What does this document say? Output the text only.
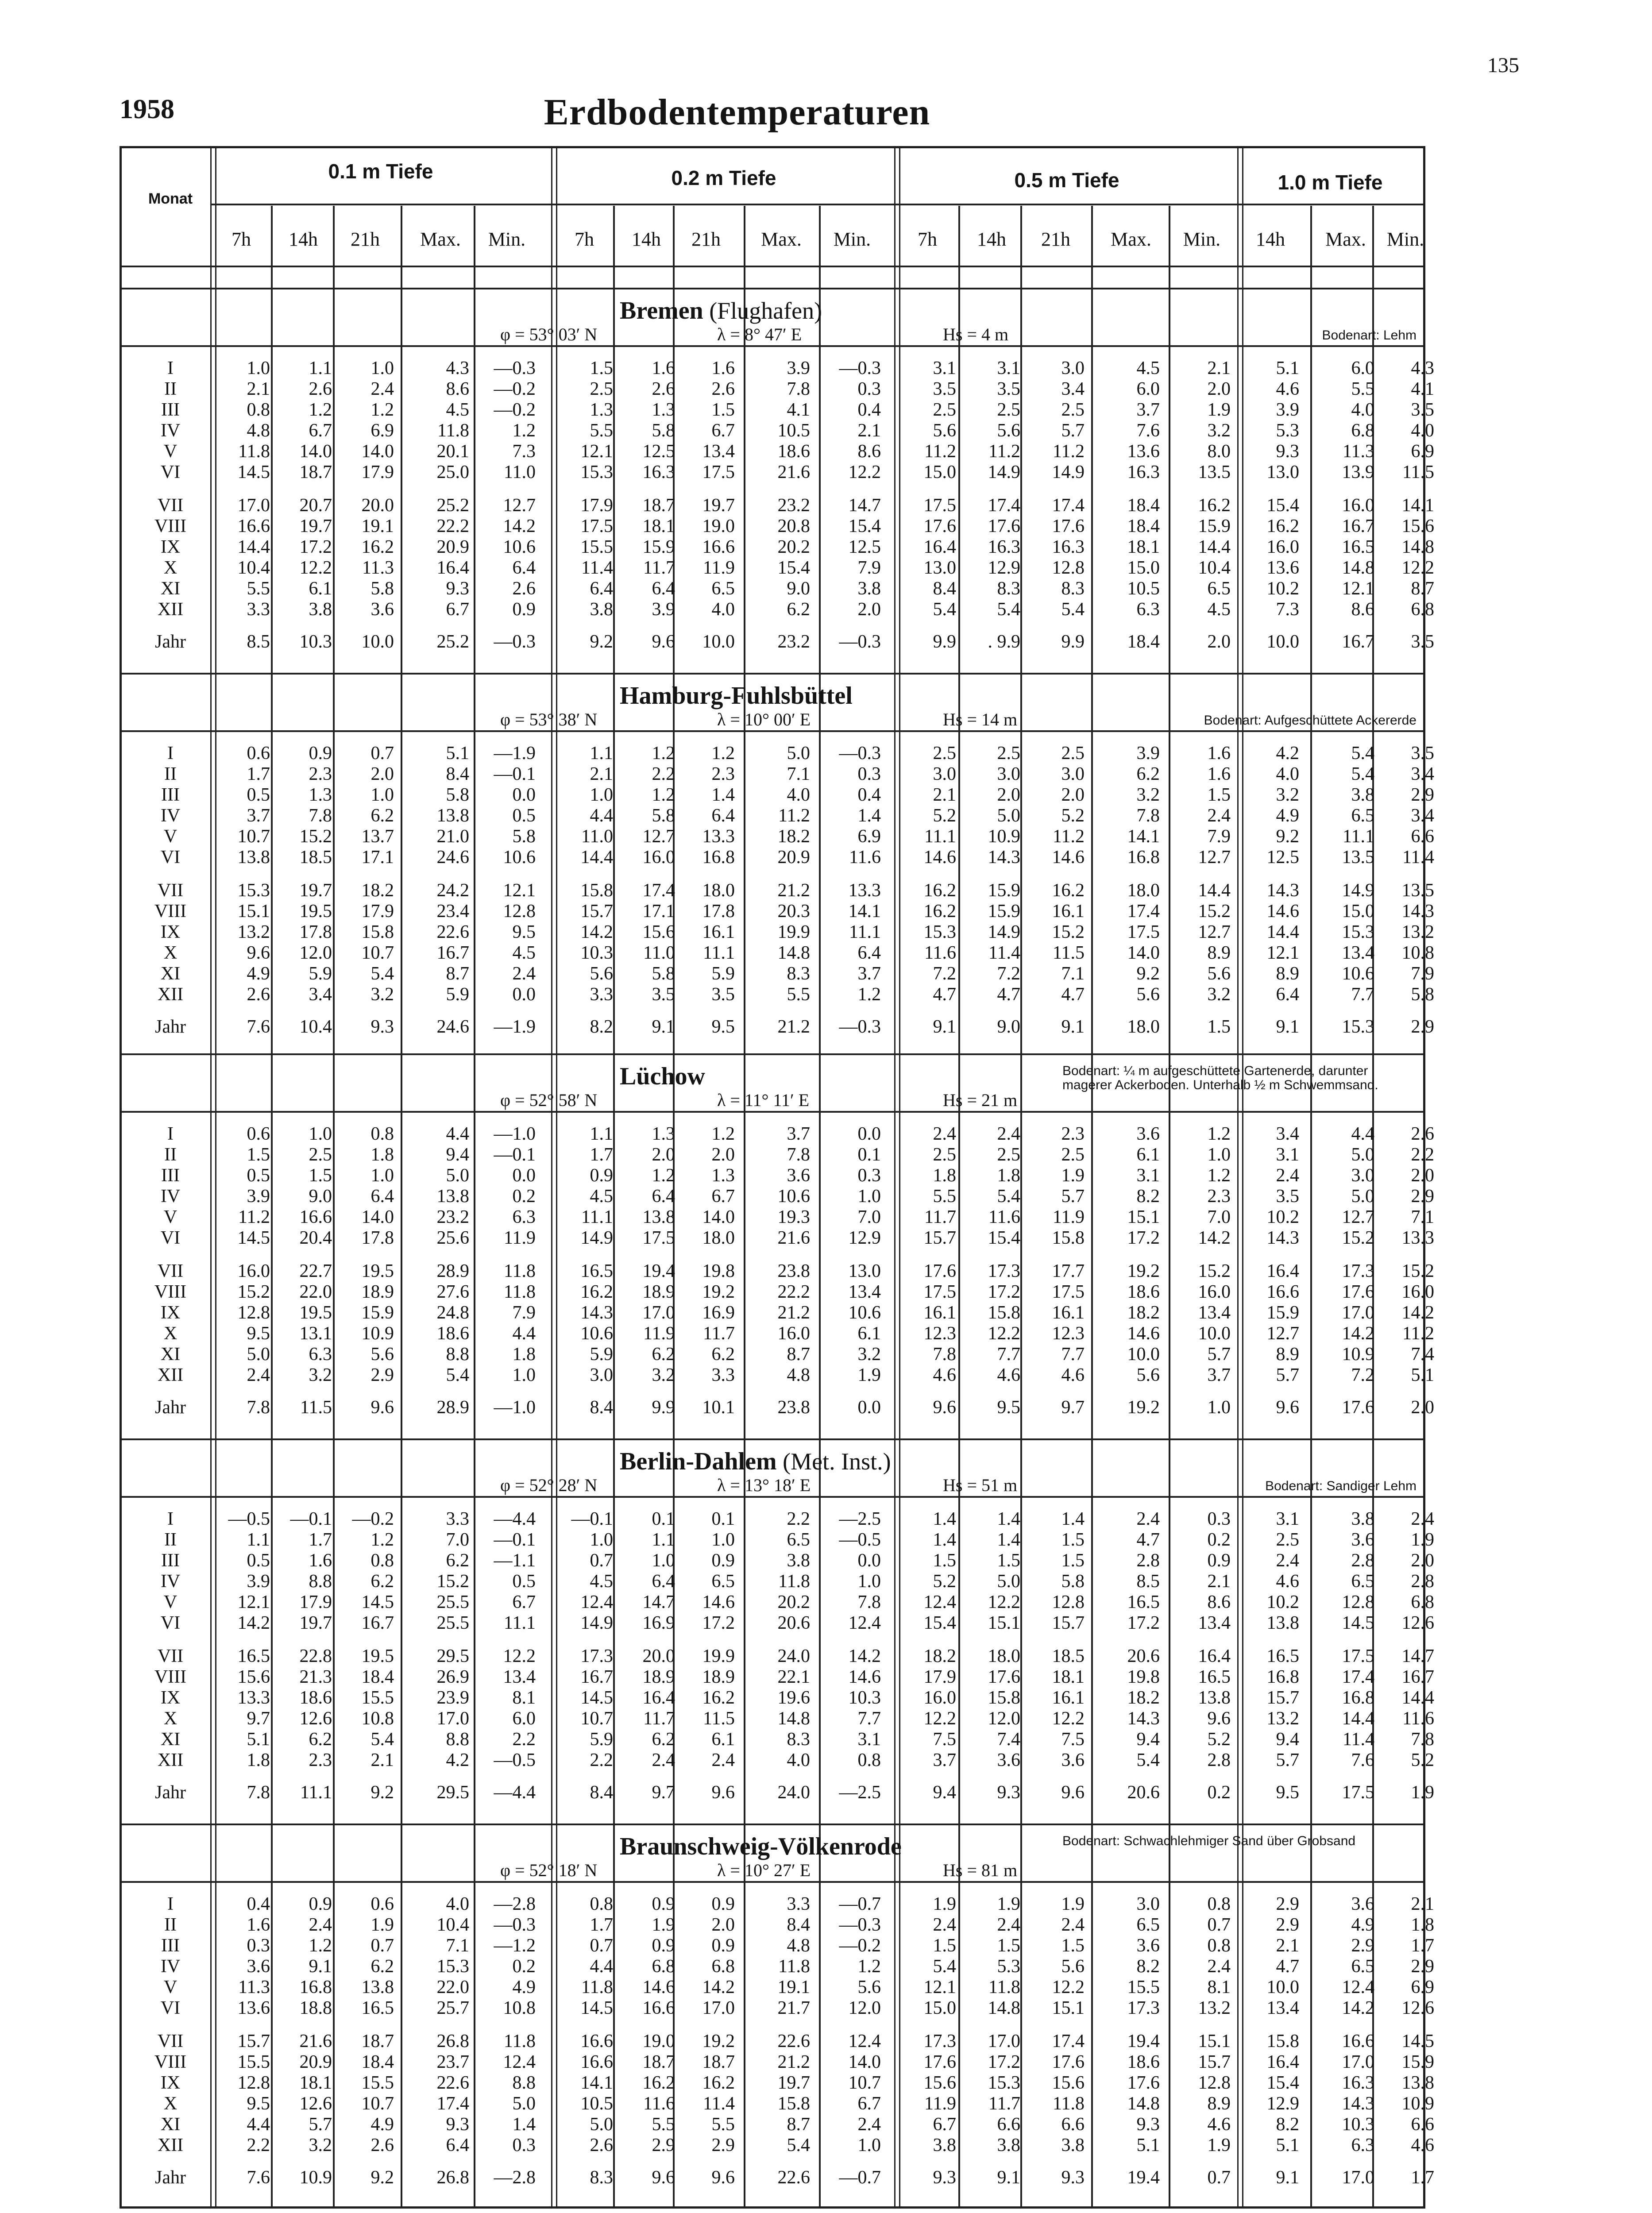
1958	Erdbodentemperaturen
135
Monat
0.1 m Tiefe	0.2 m Tiefe	0.5 m Tiefe	1.0 m Tiefe
7h	14h	21h	Max.	Min.	7h	14h	21h	Max.	Min.	7h	14h	21h	Max.	Min.	14h	Max.	Min.
Bremen (Flughafen)
φ = 53° 03′ N	λ = 8° 47′ E	Hs = 4 m	Bodenart: Lehm
I	1.0	1.1	1.0	4.3	—0.3	1.5	1.6	1.6	3.9	—0.3	3.1	3.1	3.0	4.5	2.1	5.1	6.0	4.3
II	2.1	2.6	2.4	8.6	—0.2	2.5	2.6	2.6	7.8	0.3	3.5	3.5	3.4	6.0	2.0	4.6	5.5	4.1
III	0.8	1.2	1.2	4.5	—0.2	1.3	1.3	1.5	4.1	0.4	2.5	2.5	2.5	3.7	1.9	3.9	4.0	3.5
IV	4.8	6.7	6.9	11.8	1.2	5.5	5.8	6.7	10.5	2.1	5.6	5.6	5.7	7.6	3.2	5.3	6.8	4.0
V	11.8	14.0	14.0	20.1	7.3	12.1	12.5	13.4	18.6	8.6	11.2	11.2	11.2	13.6	8.0	9.3	11.3	6.9
VI	14.5	18.7	17.9	25.0	11.0	15.3	16.3	17.5	21.6	12.2	15.0	14.9	14.9	16.3	13.5	13.0	13.9	11.5
VII	17.0	20.7	20.0	25.2	12.7	17.9	18.7	19.7	23.2	14.7	17.5	17.4	17.4	18.4	16.2	15.4	16.0	14.1
VIII	16.6	19.7	19.1	22.2	14.2	17.5	18.1	19.0	20.8	15.4	17.6	17.6	17.6	18.4	15.9	16.2	16.7	15.6
IX	14.4	17.2	16.2	20.9	10.6	15.5	15.9	16.6	20.2	12.5	16.4	16.3	16.3	18.1	14.4	16.0	16.5	14.8
X	10.4	12.2	11.3	16.4	6.4	11.4	11.7	11.9	15.4	7.9	13.0	12.9	12.8	15.0	10.4	13.6	14.8	12.2
XI	5.5	6.1	5.8	9.3	2.6	6.4	6.4	6.5	9.0	3.8	8.4	8.3	8.3	10.5	6.5	10.2	12.1	8.7
XII	3.3	3.8	3.6	6.7	0.9	3.8	3.9	4.0	6.2	2.0	5.4	5.4	5.4	6.3	4.5	7.3	8.6	6.8
Jahr	8.5	10.3	10.0	25.2	—0.3	9.2	9.6	10.0	23.2	—0.3	9.9	. 9.9	9.9	18.4	2.0	10.0	16.7	3.5
Hamburg-Fuhlsbüttel
φ = 53° 38′ N	λ = 10° 00′ E	Hs = 14 m	Bodenart: Aufgeschüttete Ackererde
I	0.6	0.9	0.7	5.1	—1.9	1.1	1.2	1.2	5.0	—0.3	2.5	2.5	2.5	3.9	1.6	4.2	5.4	3.5
II	1.7	2.3	2.0	8.4	—0.1	2.1	2.2	2.3	7.1	0.3	3.0	3.0	3.0	6.2	1.6	4.0	5.4	3.4
III	0.5	1.3	1.0	5.8	0.0	1.0	1.2	1.4	4.0	0.4	2.1	2.0	2.0	3.2	1.5	3.2	3.8	2.9
IV	3.7	7.8	6.2	13.8	0.5	4.4	5.8	6.4	11.2	1.4	5.2	5.0	5.2	7.8	2.4	4.9	6.5	3.4
V	10.7	15.2	13.7	21.0	5.8	11.0	12.7	13.3	18.2	6.9	11.1	10.9	11.2	14.1	7.9	9.2	11.1	6.6
VI	13.8	18.5	17.1	24.6	10.6	14.4	16.0	16.8	20.9	11.6	14.6	14.3	14.6	16.8	12.7	12.5	13.5	11.4
VII	15.3	19.7	18.2	24.2	12.1	15.8	17.4	18.0	21.2	13.3	16.2	15.9	16.2	18.0	14.4	14.3	14.9	13.5
VIII	15.1	19.5	17.9	23.4	12.8	15.7	17.1	17.8	20.3	14.1	16.2	15.9	16.1	17.4	15.2	14.6	15.0	14.3
IX	13.2	17.8	15.8	22.6	9.5	14.2	15.6	16.1	19.9	11.1	15.3	14.9	15.2	17.5	12.7	14.4	15.3	13.2
X	9.6	12.0	10.7	16.7	4.5	10.3	11.0	11.1	14.8	6.4	11.6	11.4	11.5	14.0	8.9	12.1	13.4	10.8
XI	4.9	5.9	5.4	8.7	2.4	5.6	5.8	5.9	8.3	3.7	7.2	7.2	7.1	9.2	5.6	8.9	10.6	7.9
XII	2.6	3.4	3.2	5.9	0.0	3.3	3.5	3.5	5.5	1.2	4.7	4.7	4.7	5.6	3.2	6.4	7.7	5.8
Jahr	7.6	10.4	9.3	24.6	—1.9	8.2	9.1	9.5	21.2	—0.3	9.1	9.0	9.1	18.0	1.5	9.1	15.3	2.9
Lüchow
φ = 52° 58′ N	λ = 11° 11′ E	Hs = 21 m
Bodenart: ¼ m aufgeschüttete Gartenerde, darunter magerer Ackerboden. Unterhalb ½ m Schwemmsand.
I	0.6	1.0	0.8	4.4	—1.0	1.1	1.3	1.2	3.7	0.0	2.4	2.4	2.3	3.6	1.2	3.4	4.4	2.6
II	1.5	2.5	1.8	9.4	—0.1	1.7	2.0	2.0	7.8	0.1	2.5	2.5	2.5	6.1	1.0	3.1	5.0	2.2
III	0.5	1.5	1.0	5.0	0.0	0.9	1.2	1.3	3.6	0.3	1.8	1.8	1.9	3.1	1.2	2.4	3.0	2.0
IV	3.9	9.0	6.4	13.8	0.2	4.5	6.4	6.7	10.6	1.0	5.5	5.4	5.7	8.2	2.3	3.5	5.0	2.9
V	11.2	16.6	14.0	23.2	6.3	11.1	13.8	14.0	19.3	7.0	11.7	11.6	11.9	15.1	7.0	10.2	12.7	7.1
VI	14.5	20.4	17.8	25.6	11.9	14.9	17.5	18.0	21.6	12.9	15.7	15.4	15.8	17.2	14.2	14.3	15.2	13.3
VII	16.0	22.7	19.5	28.9	11.8	16.5	19.4	19.8	23.8	13.0	17.6	17.3	17.7	19.2	15.2	16.4	17.3	15.2
VIII	15.2	22.0	18.9	27.6	11.8	16.2	18.9	19.2	22.2	13.4	17.5	17.2	17.5	18.6	16.0	16.6	17.6	16.0
IX	12.8	19.5	15.9	24.8	7.9	14.3	17.0	16.9	21.2	10.6	16.1	15.8	16.1	18.2	13.4	15.9	17.0	14.2
X	9.5	13.1	10.9	18.6	4.4	10.6	11.9	11.7	16.0	6.1	12.3	12.2	12.3	14.6	10.0	12.7	14.2	11.2
XI	5.0	6.3	5.6	8.8	1.8	5.9	6.2	6.2	8.7	3.2	7.8	7.7	7.7	10.0	5.7	8.9	10.9	7.4
XII	2.4	3.2	2.9	5.4	1.0	3.0	3.2	3.3	4.8	1.9	4.6	4.6	4.6	5.6	3.7	5.7	7.2	5.1
Jahr	7.8	11.5	9.6	28.9	—1.0	8.4	9.9	10.1	23.8	0.0	9.6	9.5	9.7	19.2	1.0	9.6	17.6	2.0
Berlin-Dahlem (Met. Inst.)
φ = 52° 28′ N	λ = 13° 18′ E	Hs = 51 m	Bodenart: Sandiger Lehm
I	—0.5	—0.1	—0.2	3.3	—4.4	—0.1	0.1	0.1	2.2	—2.5	1.4	1.4	1.4	2.4	0.3	3.1	3.8	2.4
II	1.1	1.7	1.2	7.0	—0.1	1.0	1.1	1.0	6.5	—0.5	1.4	1.4	1.5	4.7	0.2	2.5	3.6	1.9
III	0.5	1.6	0.8	6.2	—1.1	0.7	1.0	0.9	3.8	0.0	1.5	1.5	1.5	2.8	0.9	2.4	2.8	2.0
IV	3.9	8.8	6.2	15.2	0.5	4.5	6.4	6.5	11.8	1.0	5.2	5.0	5.8	8.5	2.1	4.6	6.5	2.8
V	12.1	17.9	14.5	25.5	6.7	12.4	14.7	14.6	20.2	7.8	12.4	12.2	12.8	16.5	8.6	10.2	12.8	6.8
VI	14.2	19.7	16.7	25.5	11.1	14.9	16.9	17.2	20.6	12.4	15.4	15.1	15.7	17.2	13.4	13.8	14.5	12.6
VII	16.5	22.8	19.5	29.5	12.2	17.3	20.0	19.9	24.0	14.2	18.2	18.0	18.5	20.6	16.4	16.5	17.5	14.7
VIII	15.6	21.3	18.4	26.9	13.4	16.7	18.9	18.9	22.1	14.6	17.9	17.6	18.1	19.8	16.5	16.8	17.4	16.7
IX	13.3	18.6	15.5	23.9	8.1	14.5	16.4	16.2	19.6	10.3	16.0	15.8	16.1	18.2	13.8	15.7	16.8	14.4
X	9.7	12.6	10.8	17.0	6.0	10.7	11.7	11.5	14.8	7.7	12.2	12.0	12.2	14.3	9.6	13.2	14.4	11.6
XI	5.1	6.2	5.4	8.8	2.2	5.9	6.2	6.1	8.3	3.1	7.5	7.4	7.5	9.4	5.2	9.4	11.4	7.8
XII	1.8	2.3	2.1	4.2	—0.5	2.2	2.4	2.4	4.0	0.8	3.7	3.6	3.6	5.4	2.8	5.7	7.6	5.2
Jahr	7.8	11.1	9.2	29.5	—4.4	8.4	9.7	9.6	24.0	—2.5	9.4	9.3	9.6	20.6	0.2	9.5	17.5	1.9
Braunschweig-Völkenrode
φ = 52° 18′ N	λ = 10° 27′ E	Hs = 81 m
Bodenart: Schwachlehmiger Sand über Grobsand
I	0.4	0.9	0.6	4.0	—2.8	0.8	0.9	0.9	3.3	—0.7	1.9	1.9	1.9	3.0	0.8	2.9	3.6	2.1
II	1.6	2.4	1.9	10.4	—0.3	1.7	1.9	2.0	8.4	—0.3	2.4	2.4	2.4	6.5	0.7	2.9	4.9	1.8
III	0.3	1.2	0.7	7.1	—1.2	0.7	0.9	0.9	4.8	—0.2	1.5	1.5	1.5	3.6	0.8	2.1	2.9	1.7
IV	3.6	9.1	6.2	15.3	0.2	4.4	6.8	6.8	11.8	1.2	5.4	5.3	5.6	8.2	2.4	4.7	6.5	2.9
V	11.3	16.8	13.8	22.0	4.9	11.8	14.6	14.2	19.1	5.6	12.1	11.8	12.2	15.5	8.1	10.0	12.4	6.9
VI	13.6	18.8	16.5	25.7	10.8	14.5	16.6	17.0	21.7	12.0	15.0	14.8	15.1	17.3	13.2	13.4	14.2	12.6
VII	15.7	21.6	18.7	26.8	11.8	16.6	19.0	19.2	22.6	12.4	17.3	17.0	17.4	19.4	15.1	15.8	16.6	14.5
VIII	15.5	20.9	18.4	23.7	12.4	16.6	18.7	18.7	21.2	14.0	17.6	17.2	17.6	18.6	15.7	16.4	17.0	15.9
IX	12.8	18.1	15.5	22.6	8.8	14.1	16.2	16.2	19.7	10.7	15.6	15.3	15.6	17.6	12.8	15.4	16.3	13.8
X	9.5	12.6	10.7	17.4	5.0	10.5	11.6	11.4	15.8	6.7	11.9	11.7	11.8	14.8	8.9	12.9	14.3	10.9
XI	4.4	5.7	4.9	9.3	1.4	5.0	5.5	5.5	8.7	2.4	6.7	6.6	6.6	9.3	4.6	8.2	10.3	6.6
XII	2.2	3.2	2.6	6.4	0.3	2.6	2.9	2.9	5.4	1.0	3.8	3.8	3.8	5.1	1.9	5.1	6.3	4.6
Jahr	7.6	10.9	9.2	26.8	—2.8	8.3	9.6	9.6	22.6	—0.7	9.3	9.1	9.3	19.4	0.7	9.1	17.0	1.7
